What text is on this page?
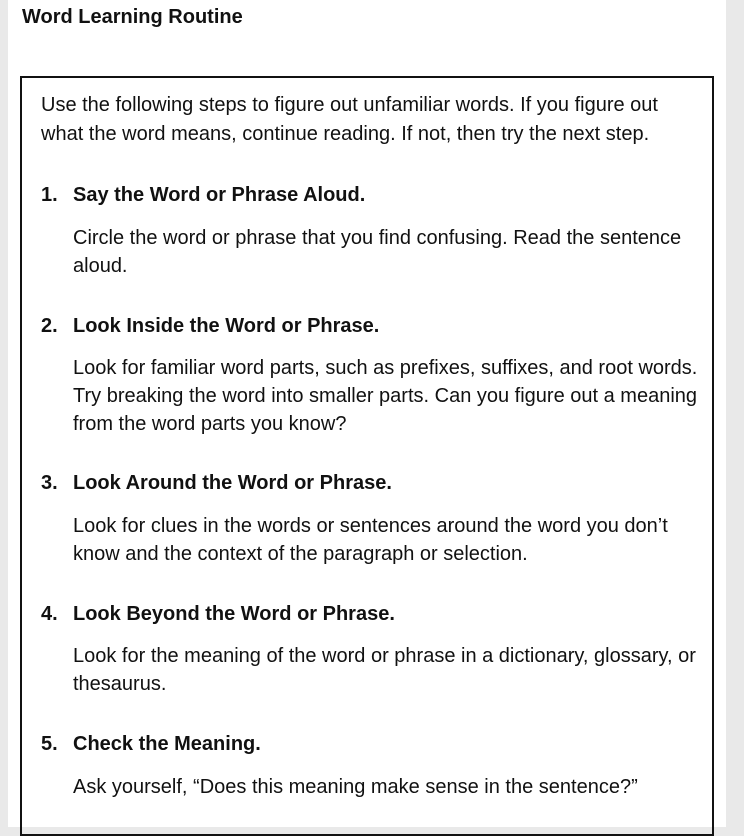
Word Learning Routine

Use the following steps to figure out unfamiliar words. If you figure out what the word means, continue reading. If not, then try the next step.

1. Say the Word or Phrase Aloud.

Circle the word or phrase that you find confusing. Read the sentence aloud.

2. Look Inside the Word or Phrase.

Look for familiar word parts, such as prefixes, suffixes, and root words. Try breaking the word into smaller parts. Can you figure out a meaning from the word parts you know?

3. Look Around the Word or Phrase.

Look for clues in the words or sentences around the word you don’t know and the context of the paragraph or selection.

4. Look Beyond the Word or Phrase.

Look for the meaning of the word or phrase in a dictionary, glossary, or thesaurus.

5. Check the Meaning.

Ask yourself, “Does this meaning make sense in the sentence?”
